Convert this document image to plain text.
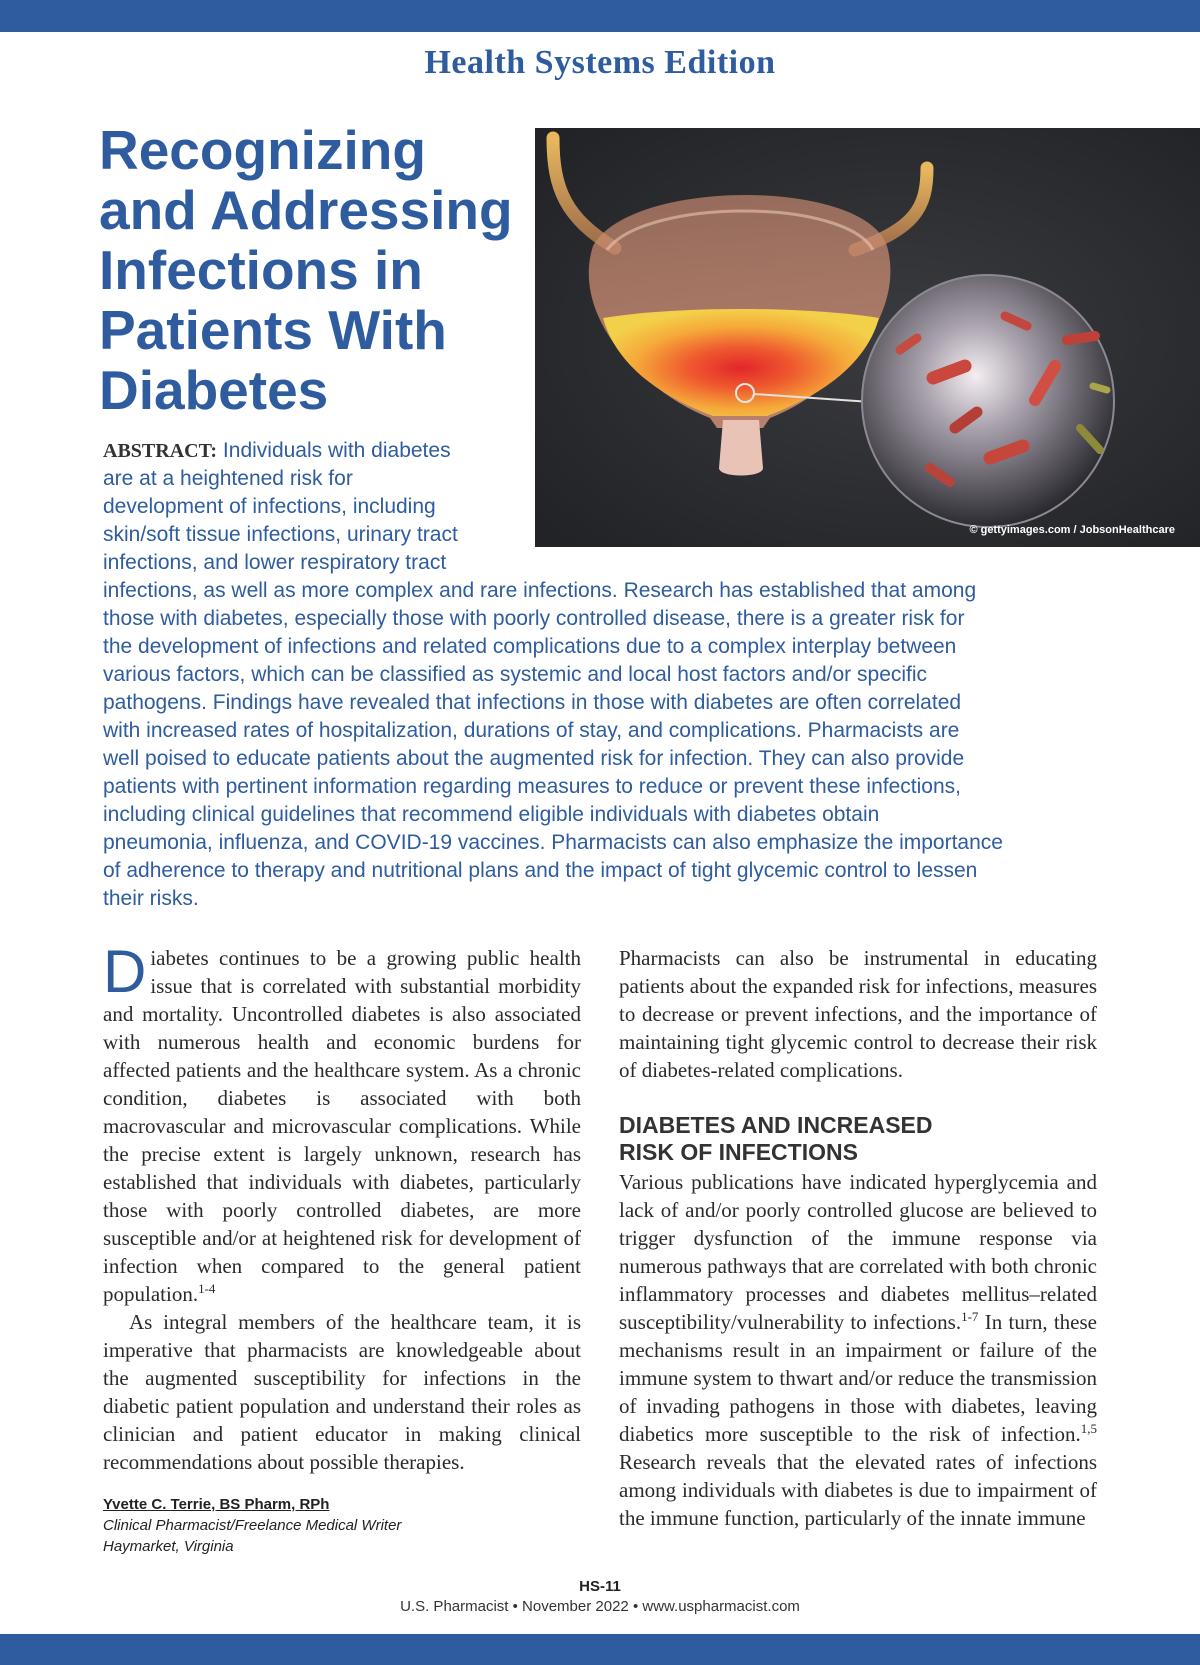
Health Systems Edition
Recognizing
and Addressing
Infections in
Patients With
Diabetes
© gettyimages.com / JobsonHealthcare
ABSTRACT: Individuals with diabetes
are at a heightened risk for
development of infections, including
skin/soft tissue infections, urinary tract
infections, and lower respiratory tract
infections, as well as more complex and rare infections. Research has established that among
those with diabetes, especially those with poorly controlled disease, there is a greater risk for
the development of infections and related complications due to a complex interplay between
various factors, which can be classified as systemic and local host factors and/or specific
pathogens. Findings have revealed that infections in those with diabetes are often correlated
with increased rates of hospitalization, durations of stay, and complications. Pharmacists are
well poised to educate patients about the augmented risk for infection. They can also provide
patients with pertinent information regarding measures to reduce or prevent these infections,
including clinical guidelines that recommend eligible individuals with diabetes obtain
pneumonia, influenza, and COVID-19 vaccines. Pharmacists can also emphasize the importance
of adherence to therapy and nutritional plans and the impact of tight glycemic control to lessen
their risks.

Diabetes continues to be a growing public health issue that is correlated with substantial morbidity and mortality. Uncontrolled diabetes is also associated with numerous health and economic burdens for affected patients and the healthcare system. As a chronic condition, diabetes is associated with both macrovascular and microvascular complications. While the precise extent is largely unknown, research has established that individuals with diabetes, particularly those with poorly controlled diabetes, are more susceptible and/or at heightened risk for development of infection when compared to the general patient population.$^{1-4}$

As integral members of the healthcare team, it is imperative that pharmacists are knowledgeable about the augmented susceptibility for infections in the diabetic patient population and understand their roles as clinician and patient educator in making clinical recommendations about possible therapies.

Pharmacists can also be instrumental in educating patients about the expanded risk for infections, measures to decrease or prevent infections, and the importance of maintaining tight glycemic control to decrease their risk of diabetes-related complications.

DIABETES AND INCREASED
RISK OF INFECTIONS

Various publications have indicated hyperglycemia and lack of and/or poorly controlled glucose are believed to trigger dysfunction of the immune response via numerous pathways that are correlated with both chronic inflammatory processes and diabetes mellitus–related susceptibility/vulnerability to infections.$^{1-7}$ In turn, these mechanisms result in an impairment or failure of the immune system to thwart and/or reduce the transmission of invading pathogens in those with diabetes, leaving diabetics more susceptible to the risk of infection.$^{1,5}$ Research reveals that the elevated rates of infections among individuals with diabetes is due to impairment of the immune function, particularly of the innate immune

Yvette C. Terrie, BS Pharm, RPh
Clinical Pharmacist/Freelance Medical Writer
Haymarket, Virginia
HS-11
U.S. Pharmacist • November 2022 • www.uspharmacist.com
